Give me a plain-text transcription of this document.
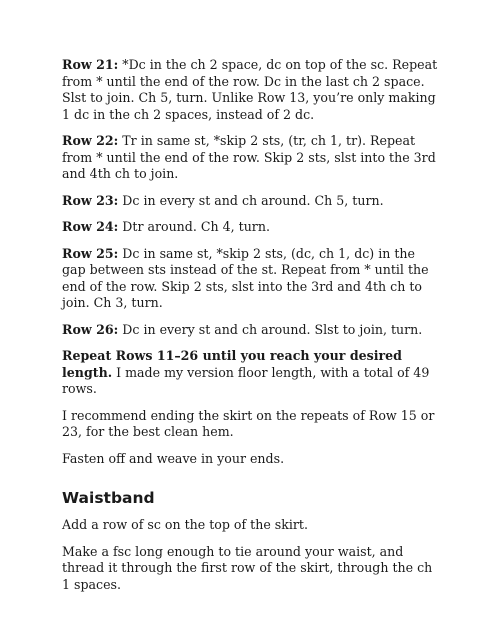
Row 21: *Dc in the ch 2 space, dc on top of the sc. Repeat from * until the end of the row. Dc in the last ch 2 space. Slst to join. Ch 5, turn. Unlike Row 13, you’re only making 1 dc in the ch 2 spaces, instead of 2 dc.

Row 22: Tr in same st, *skip 2 sts, (tr, ch 1, tr). Repeat from * until the end of the row. Skip 2 sts, slst into the 3rd and 4th ch to join.

Row 23: Dc in every st and ch around. Ch 5, turn.

Row 24: Dtr around. Ch 4, turn.

Row 25: Dc in same st, *skip 2 sts, (dc, ch 1, dc) in the gap between sts instead of the st. Repeat from * until the end of the row. Skip 2 sts, slst into the 3rd and 4th ch to join. Ch 3, turn.

Row 26: Dc in every st and ch around. Slst to join, turn.

Repeat Rows 11–26 until you reach your desired length. I made my version floor length, with a total of 49 rows.

I recommend ending the skirt on the repeats of Row 15 or 23, for the best clean hem.

Fasten off and weave in your ends.

Waistband

Add a row of sc on the top of the skirt.

Make a fsc long enough to tie around your waist, and thread it through the first row of the skirt, through the ch 1 spaces.
